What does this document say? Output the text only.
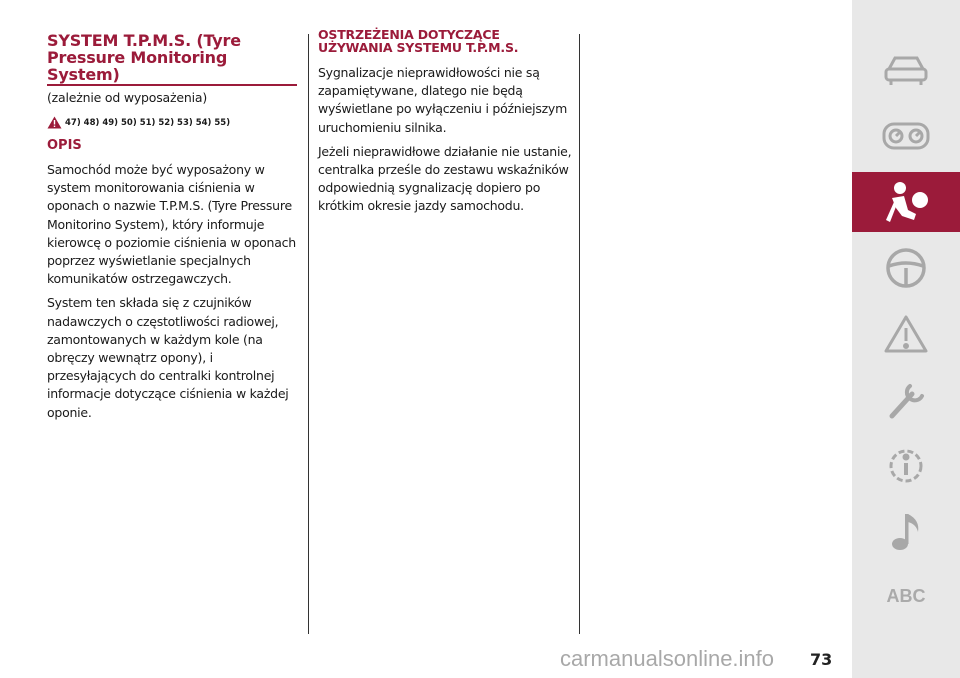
SYSTEM T.P.M.S. (Tyre Pressure Monitoring System)
(zależnie od wyposażenia)
47) 48) 49) 50) 51) 52) 53) 54) 55)
OPIS

Samochód może być wyposażony w system monitorowania ciśnienia w oponach o nazwie T.P.M.S. (Tyre Pressure Monitorino System), który informuje kierowcę o poziomie ciśnienia w oponach poprzez wyświetlanie specjalnych komunikatów ostrzegawczych.

System ten składa się z czujników nadawczych o częstotliwości radiowej, zamontowanych w każdym kole (na obręczy wewnątrz opony), i przesyłających do centralki kontrolnej informacje dotyczące ciśnienia w każdej oponie.

OSTRZEŻENIA DOTYCZĄCE UŻYWANIA SYSTEMU T.P.M.S.

Sygnalizacje nieprawidłowości nie są zapamiętywane, dlatego nie będą wyświetlane po wyłączeniu i późniejszym uruchomieniu silnika.

Jeżeli nieprawidłowe działanie nie ustanie, centralka prześle do zestawu wskaźników odpowiednią sygnalizację dopiero po krótkim okresie jazdy samochodu.

ABC
carmanualsonline.info 73
